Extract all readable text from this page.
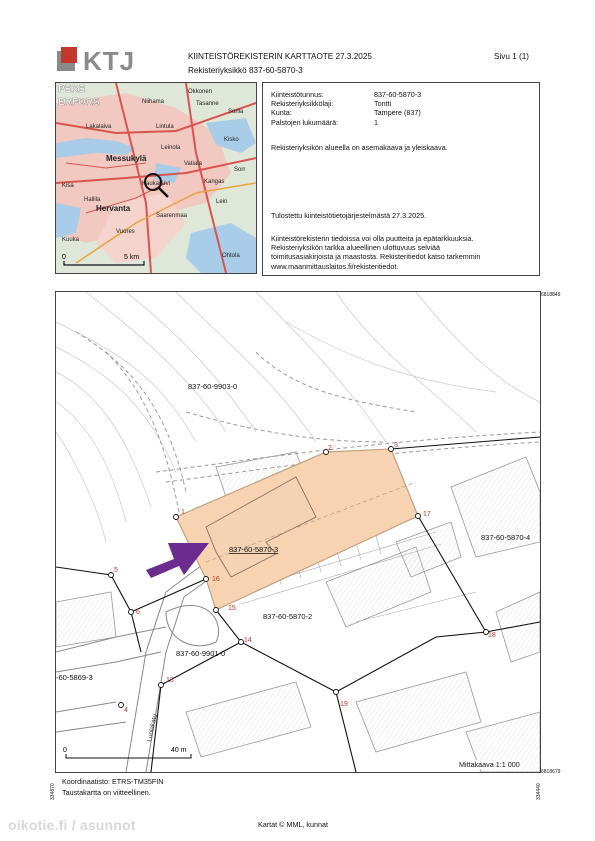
KTJ	KIINTEISTÖREKISTERIN KARTTAOTE 27.3.2025
Rekisteriyksikkö 837-60-5870-3
Sivu 1 (1)
0	5 km
PERE
ERFORS
Okkonen
Niihama	Tasanne
Sorila
Lakalaiva	Lintula
Kisko
Messukylä
Leinola
Vatiala
Sorr
Kisa	Kaukajärvi	Kangas
Hallila
Hervanta
Saarenmaa
Kuuka
Vuores
Ohtola
Lein
Kiinteistötunnus:	837-60-5870-3
Rekisteriyksikkölaji:	Tontti
Kunta:	Tampere (837)
Palstojen lukumäärä:	1
Rekisteriyksikön alueella on asemakaava ja yleiskaava.
Tulostettu kiinteistötietojärjestelmästä 27.3.2025.
Kiinteistörekisterin tiedoissa voi olla puutteita ja epätarkkuuksia.
Rekisteriyksikön tarkka alueellinen ulottuvuus selviää
toimitusasiakirjoista ja maastosta. Rekisteritiedot katso tarkemmin
www.maanmittauslaitos.fi/rekisteritiedot.
1
2	3
17
16
15
14
13
18
19
5
6
4
837-60-5870-3
837-60-9903-0
837-60-5870-4
837-60-5870-2
837-60-9901-0
-60-5869-3
Luolakatu
0	40 m
Mittakaava 1:1 000
6818849
6818679
334870	334440
Koordinaatisto: ETRS-TM35FIN
Taustakartta on viitteellinen.
Kartat © MML, kunnat
oikotie.fi / asunnot
